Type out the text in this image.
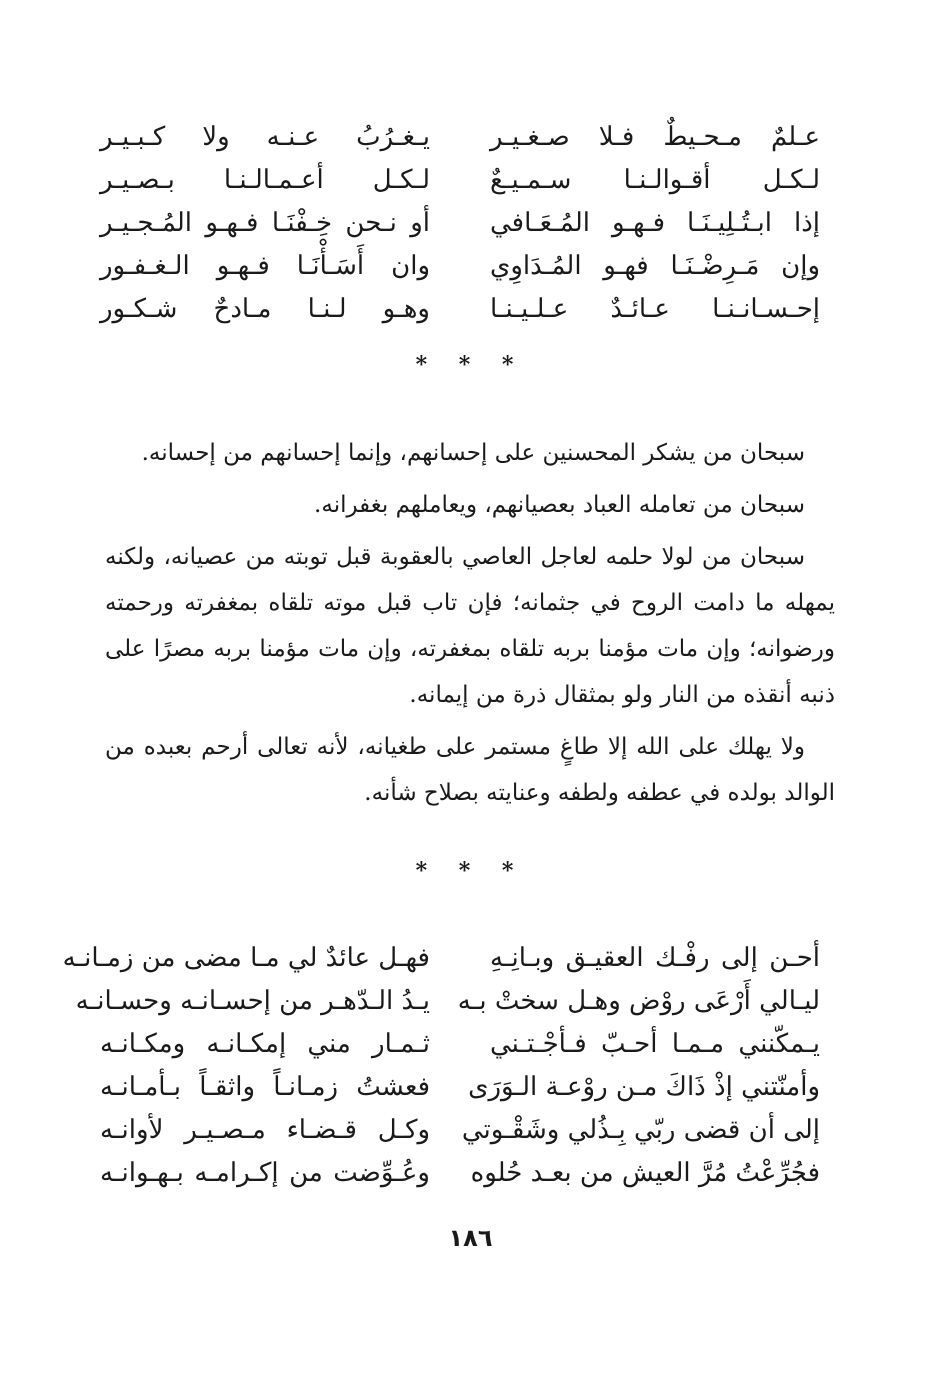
عـلمٌ مـحـيطٌ فـلا صـغـيـر
يـغـرُبُ عـنـه ولا كـبـيـر
لـكـل أقـوالـنـا سـمـيـعٌ
لـكـل أعـمـالـنـا بـصـيـر
إذا ابـتُـلِيـنَـا فـهـو المُـعَـافي
أو نـحن خِـفْنَـا فـهـو المُـجـيـر
وإن مَـرِضْـنَـا فهـو المُـدَاوِي
وان أَسَـأْنَـا فـهـو الـغـفـور
إحـسـانـنـا عـائـدٌ عـلـيـنـا
وهـو لـنـا مـادحٌ شـكـور
* * *

سبحان من يشكر المحسنين على إحسانهم، وإنما إحسانهم من إحسانه.

سبحان من تعامله العباد بعصيانهم، ويعاملهم بغفرانه.

سبحان من لولا حلمه لعاجل العاصي بالعقوبة قبل توبته من عصيانه، ولكنه يمهله ما دامت الروح في جثمانه؛ فإن تاب قبل موته تلقاه بمغفرته ورحمته ورضوانه؛ وإن مات مؤمنا بربه تلقاه بمغفرته، وإن مات مؤمنا بربه مصرًا على ذنبه أنقذه من النار ولو بمثقال ذرة من إيمانه.

ولا يهلك على الله إلا طاغٍ مستمر على طغيانه، لأنه تعالى أرحم بعبده من الوالد بولده في عطفه ولطفه وعنايته بصلاح شأنه.

* * *
أحـن إلى رفْـك العقيـق وبـانِـهِ
فهـل عائدٌ لي مـا مضى من زمـانـه
ليـالي أَرْعَى روْض وهـل سختْ بـه
يـدُ الـدّهـر من إحسـانـه وحسـانـه
يـمكّنني مـمـا أحـبّ فـأجْـتـني
ثـمـار مني إمكـانـه ومكـانـه
وأمنّتني إذْ ذَاكَ مـن روْعـة الـوَرَى
فعشتُ زمـانـاً واثقـاً بـأمـانـه
إلى أن قضى ربّي بِـذُلي وشَقْـوتي
وكـل قـضـاء مـصـيـر لأوانـه
فجُرِّعْتُ مُرَّ العيش من بعـد حُلوه
وعُـوِّضت من إكـرامـه بـهـوانـه
١٨٦
